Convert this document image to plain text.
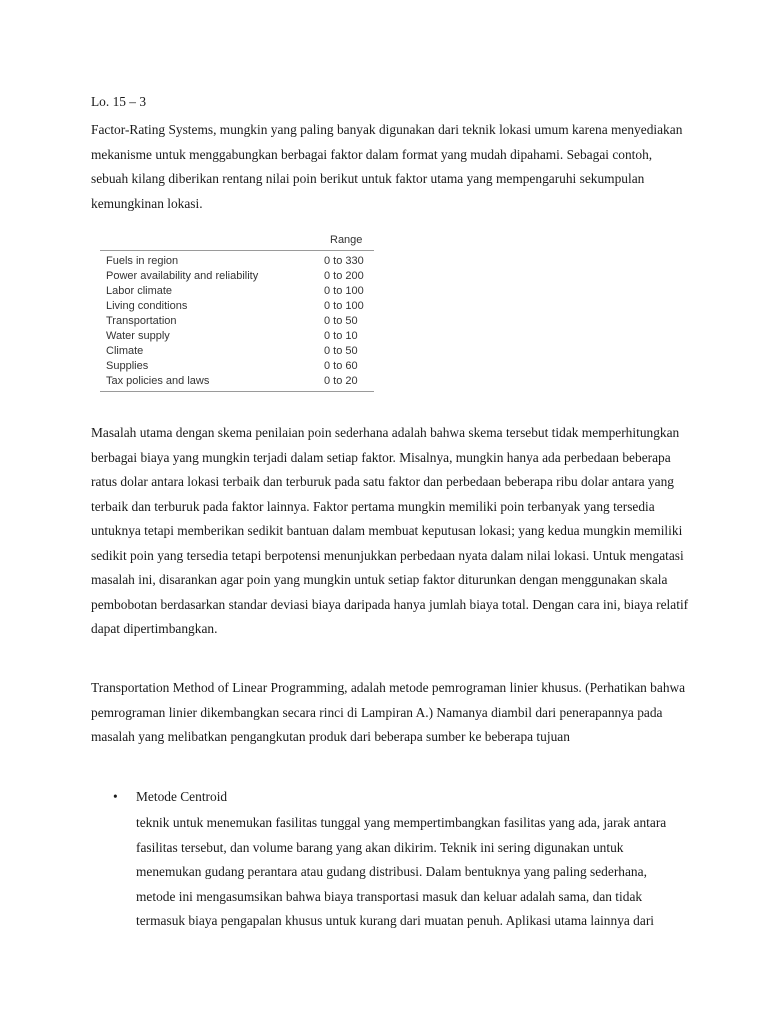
Lo. 15 – 3

Factor-Rating Systems, mungkin yang paling banyak digunakan dari teknik lokasi umum karena menyediakan mekanisme untuk menggabungkan berbagai faktor dalam format yang mudah dipahami. Sebagai contoh, sebuah kilang diberikan rentang nilai poin berikut untuk faktor utama yang mempengaruhi sekumpulan kemungkinan lokasi.

Range
Fuels in region	0 to 330
Power availability and reliability	0 to 200
Labor climate	0 to 100
Living conditions	0 to 100
Transportation	0 to 50
Water supply	0 to 10
Climate	0 to 50
Supplies	0 to 60
Tax policies and laws	0 to 20

Masalah utama dengan skema penilaian poin sederhana adalah bahwa skema tersebut tidak memperhitungkan berbagai biaya yang mungkin terjadi dalam setiap faktor. Misalnya, mungkin hanya ada perbedaan beberapa ratus dolar antara lokasi terbaik dan terburuk pada satu faktor dan perbedaan beberapa ribu dolar antara yang terbaik dan terburuk pada faktor lainnya. Faktor pertama mungkin memiliki poin terbanyak yang tersedia untuknya tetapi memberikan sedikit bantuan dalam membuat keputusan lokasi; yang kedua mungkin memiliki sedikit poin yang tersedia tetapi berpotensi menunjukkan perbedaan nyata dalam nilai lokasi. Untuk mengatasi masalah ini, disarankan agar poin yang mungkin untuk setiap faktor diturunkan dengan menggunakan skala pembobotan berdasarkan standar deviasi biaya daripada hanya jumlah biaya total. Dengan cara ini, biaya relatif dapat dipertimbangkan.

Transportation Method of Linear Programming, adalah metode pemrograman linier khusus. (Perhatikan bahwa pemrograman linier dikembangkan secara rinci di Lampiran A.) Namanya diambil dari penerapannya pada masalah yang melibatkan pengangkutan produk dari beberapa sumber ke beberapa tujuan

• Metode Centroid

teknik untuk menemukan fasilitas tunggal yang mempertimbangkan fasilitas yang ada, jarak antara fasilitas tersebut, dan volume barang yang akan dikirim. Teknik ini sering digunakan untuk menemukan gudang perantara atau gudang distribusi. Dalam bentuknya yang paling sederhana, metode ini mengasumsikan bahwa biaya transportasi masuk dan keluar adalah sama, dan tidak termasuk biaya pengapalan khusus untuk kurang dari muatan penuh. Aplikasi utama lainnya dari
